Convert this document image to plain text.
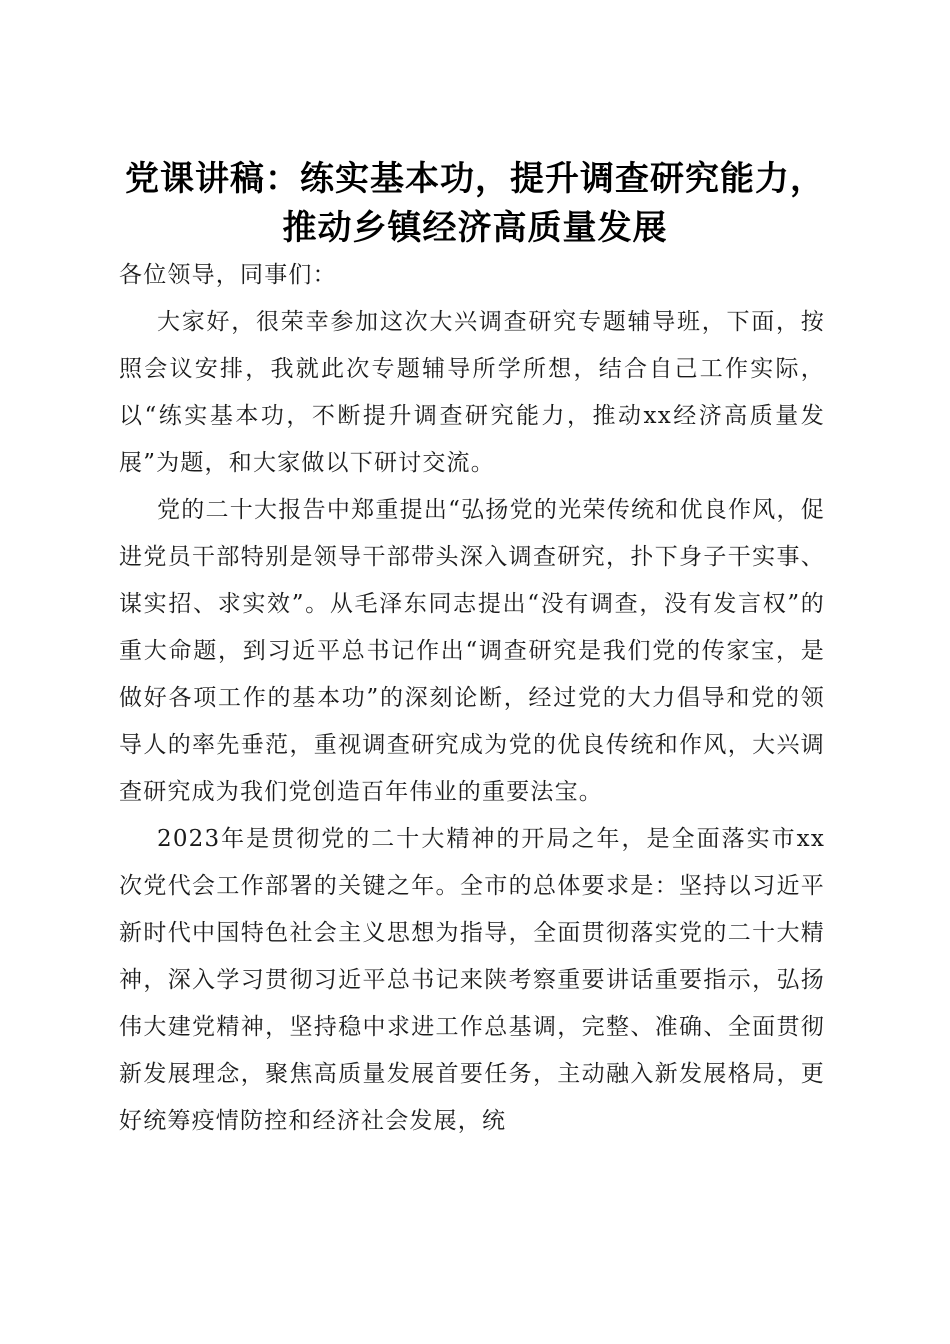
党课讲稿：练实基本功，提升调查研究能力，
推动乡镇经济高质量发展

各位领导，同事们：

大家好，很荣幸参加这次大兴调查研究专题辅导班，下面，按照会议安排，我就此次专题辅导所学所想，结合自己工作实际，以“练实基本功，不断提升调查研究能力，推动xx经济高质量发展”为题，和大家做以下研讨交流。

党的二十大报告中郑重提出“弘扬党的光荣传统和优良作风，促进党员干部特别是领导干部带头深入调查研究，扑下身子干实事、谋实招、求实效”。从毛泽东同志提出“没有调查，没有发言权”的重大命题，到习近平总书记作出“调查研究是我们党的传家宝，是做好各项工作的基本功”的深刻论断，经过党的大力倡导和党的领导人的率先垂范，重视调查研究成为党的优良传统和作风，大兴调查研究成为我们党创造百年伟业的重要法宝。

2023年是贯彻党的二十大精神的开局之年，是全面落实市xx次党代会工作部署的关键之年。全市的总体要求是：坚持以习近平新时代中国特色社会主义思想为指导，全面贯彻落实党的二十大精神，深入学习贯彻习近平总书记来陕考察重要讲话重要指示，弘扬伟大建党精神，坚持稳中求进工作总基调，完整、准确、全面贯彻新发展理念，聚焦高质量发展首要任务，主动融入新发展格局，更好统筹疫情防控和经济社会发展，统
